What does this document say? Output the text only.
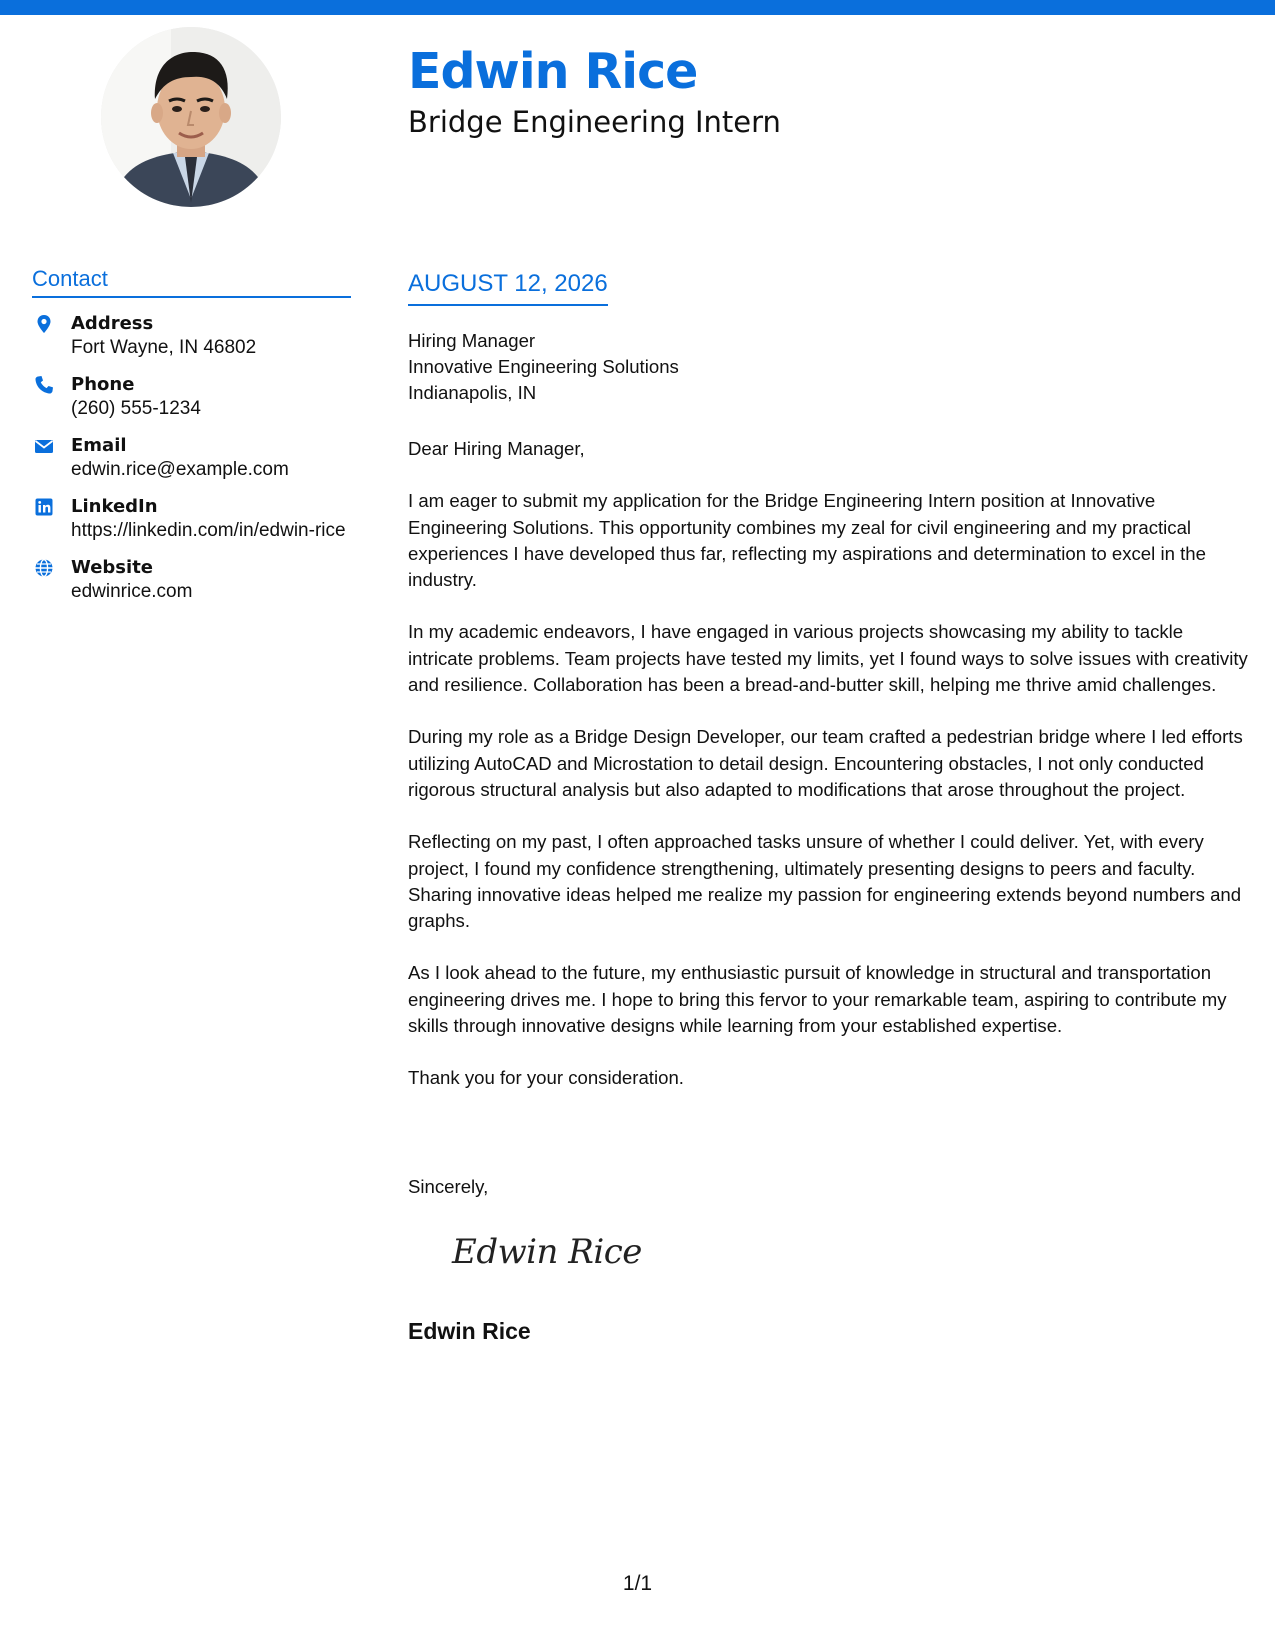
Edwin Rice
Bridge Engineering Intern
Contact
Address
Fort Wayne, IN 46802
Phone
(260) 555-1234
Email
edwin.rice@example.com
LinkedIn
https://linkedin.com/in/edwin-rice
Website
edwinrice.com
AUGUST 12, 2026
Hiring Manager
Innovative Engineering Solutions
Indianapolis, IN
Dear Hiring Manager,

I am eager to submit my application for the Bridge Engineering Intern position at Innovative Engineering Solutions. This opportunity combines my zeal for civil engineering and my practical experiences I have developed thus far, reflecting my aspirations and determination to excel in the industry.

In my academic endeavors, I have engaged in various projects showcasing my ability to tackle intricate problems. Team projects have tested my limits, yet I found ways to solve issues with creativity and resilience. Collaboration has been a bread-and-butter skill, helping me thrive amid challenges.

During my role as a Bridge Design Developer, our team crafted a pedestrian bridge where I led efforts utilizing AutoCAD and Microstation to detail design. Encountering obstacles, I not only conducted rigorous structural analysis but also adapted to modifications that arose throughout the project.

Reflecting on my past, I often approached tasks unsure of whether I could deliver. Yet, with every project, I found my confidence strengthening, ultimately presenting designs to peers and faculty. Sharing innovative ideas helped me realize my passion for engineering extends beyond numbers and graphs.

As I look ahead to the future, my enthusiastic pursuit of knowledge in structural and transportation engineering drives me. I hope to bring this fervor to your remarkable team, aspiring to contribute my skills through innovative designs while learning from your established expertise.

Thank you for your consideration.

Sincerely,
Edwin Rice
Edwin Rice
1/1
